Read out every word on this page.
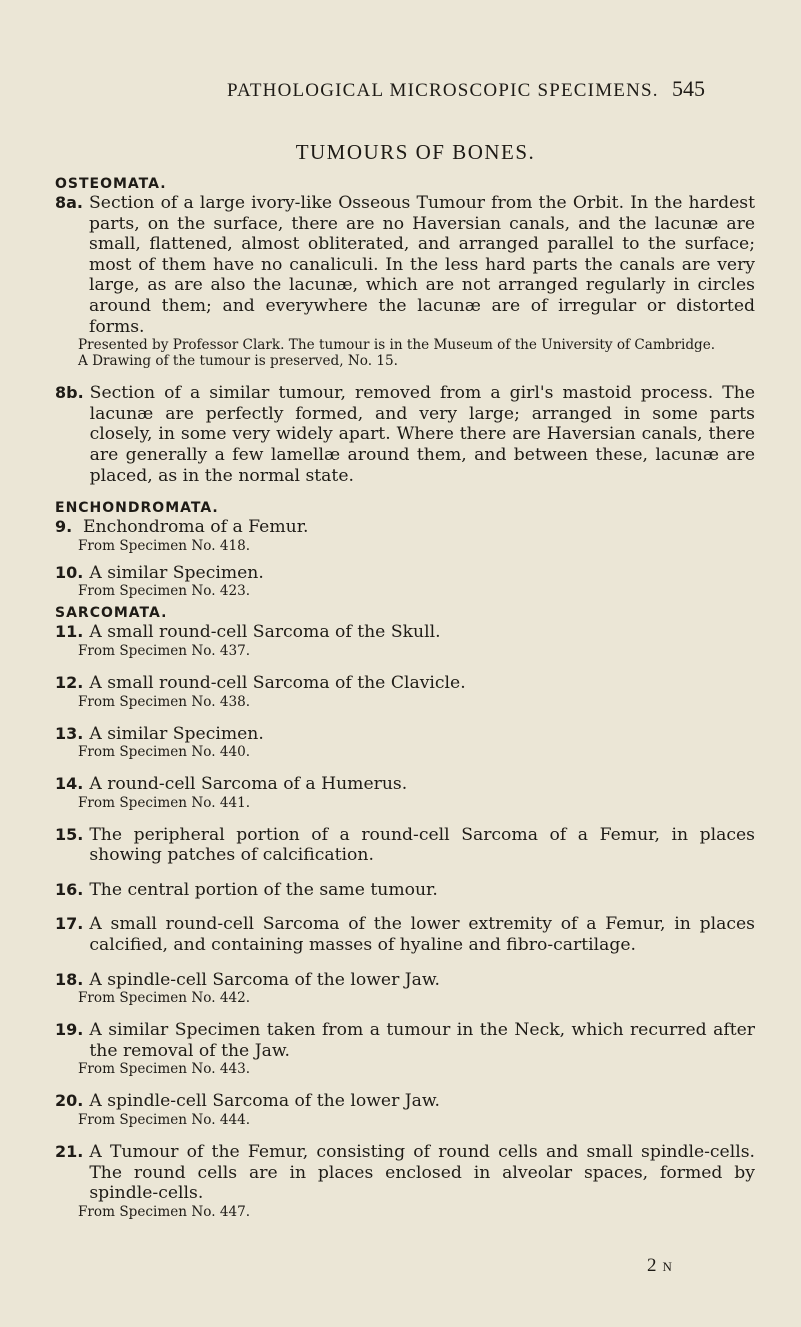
PATHOLOGICAL MICROSCOPIC SPECIMENS. 545
TUMOURS OF BONES.
OSTEOMATA.
8a. Section of a large ivory-like Osseous Tumour from the Orbit. In the hardest parts, on the surface, there are no Haversian canals, and the lacunæ are small, flattened, almost obliterated, and arranged parallel to the surface; most of them have no canaliculi. In the less hard parts the canals are very large, as are also the lacunæ, which are not arranged regularly in circles around them; and everywhere the lacunæ are of irregular or distorted forms.
Presented by Professor Clark. The tumour is in the Museum of the University of Cambridge.
A Drawing of the tumour is preserved, No. 15.
8b. Section of a similar tumour, removed from a girl's mastoid process. The lacunæ are perfectly formed, and very large; arranged in some parts closely, in some very widely apart. Where there are Haversian canals, there are generally a few lamellæ around them, and between these, lacunæ are placed, as in the normal state.
ENCHONDROMATA.
9. Enchondroma of a Femur.
From Specimen No. 418.
10. A similar Specimen.
From Specimen No. 423.
SARCOMATA.
11. A small round-cell Sarcoma of the Skull.
From Specimen No. 437.
12. A small round-cell Sarcoma of the Clavicle.
From Specimen No. 438.
13. A similar Specimen.
From Specimen No. 440.
14. A round-cell Sarcoma of a Humerus.
From Specimen No. 441.
15. The peripheral portion of a round-cell Sarcoma of a Femur, in places showing patches of calcification.
16. The central portion of the same tumour.
17. A small round-cell Sarcoma of the lower extremity of a Femur, in places calcified, and containing masses of hyaline and fibro-cartilage.
18. A spindle-cell Sarcoma of the lower Jaw.
From Specimen No. 442.
19. A similar Specimen taken from a tumour in the Neck, which recurred after the removal of the Jaw.
From Specimen No. 443.
20. A spindle-cell Sarcoma of the lower Jaw.
From Specimen No. 444.
21. A Tumour of the Femur, consisting of round cells and small spindle-cells. The round cells are in places enclosed in alveolar spaces, formed by spindle-cells.
From Specimen No. 447.
2 N
